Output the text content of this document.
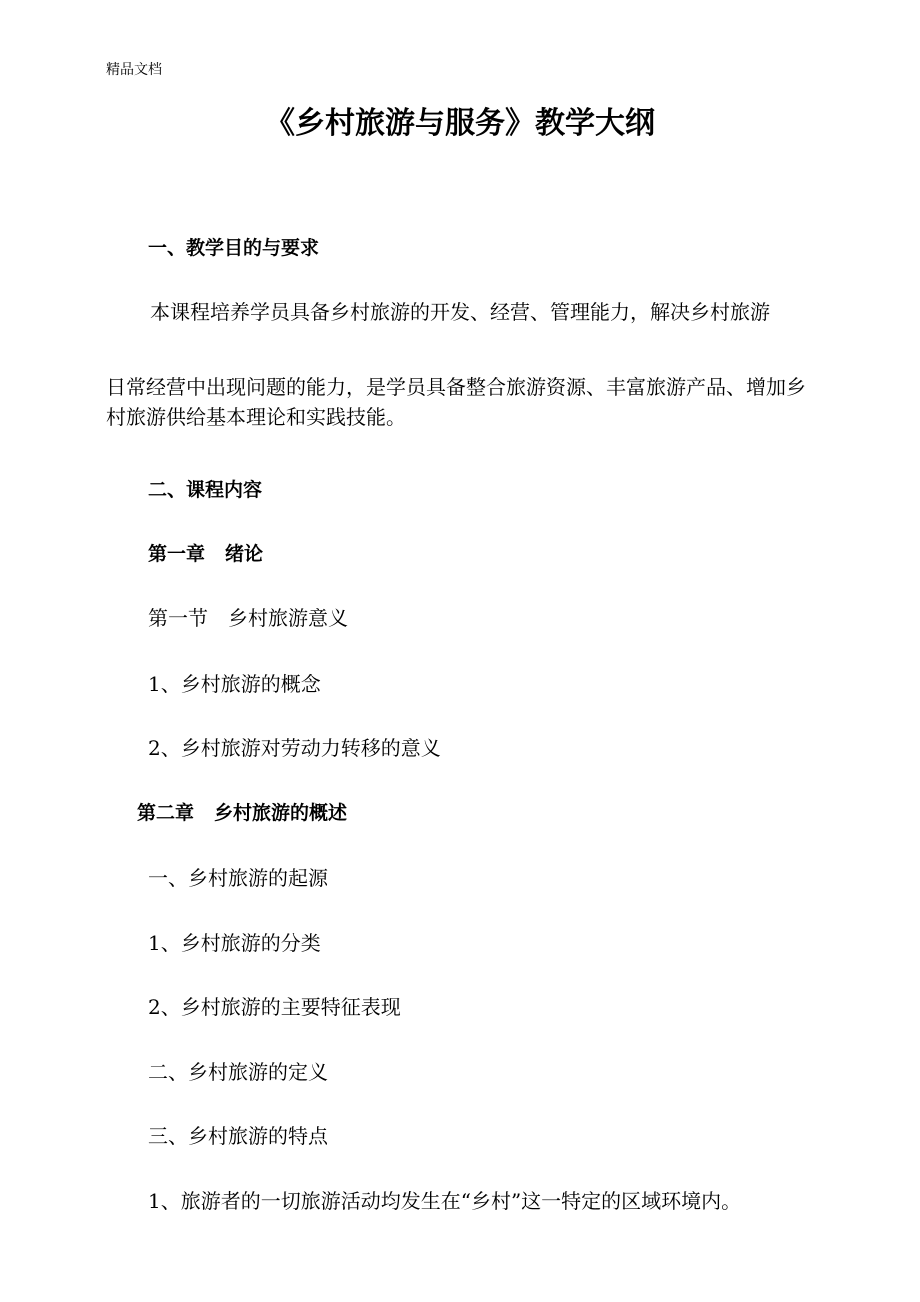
精品文档
《乡村旅游与服务》教学大纲
一、教学目的与要求
本课程培养学员具备乡村旅游的开发、经营、管理能力，解决乡村旅游
日常经营中出现问题的能力，是学员具备整合旅游资源、丰富旅游产品、增加乡村旅游供给基本理论和实践技能。
二、课程内容
第一章 绪论
第一节 乡村旅游意义
1、乡村旅游的概念
2、乡村旅游对劳动力转移的意义
第二章 乡村旅游的概述
一、乡村旅游的起源
1、乡村旅游的分类
2、乡村旅游的主要特征表现
二、乡村旅游的定义
三、乡村旅游的特点
1、旅游者的一切旅游活动均发生在“乡村”这一特定的区域环境内。
